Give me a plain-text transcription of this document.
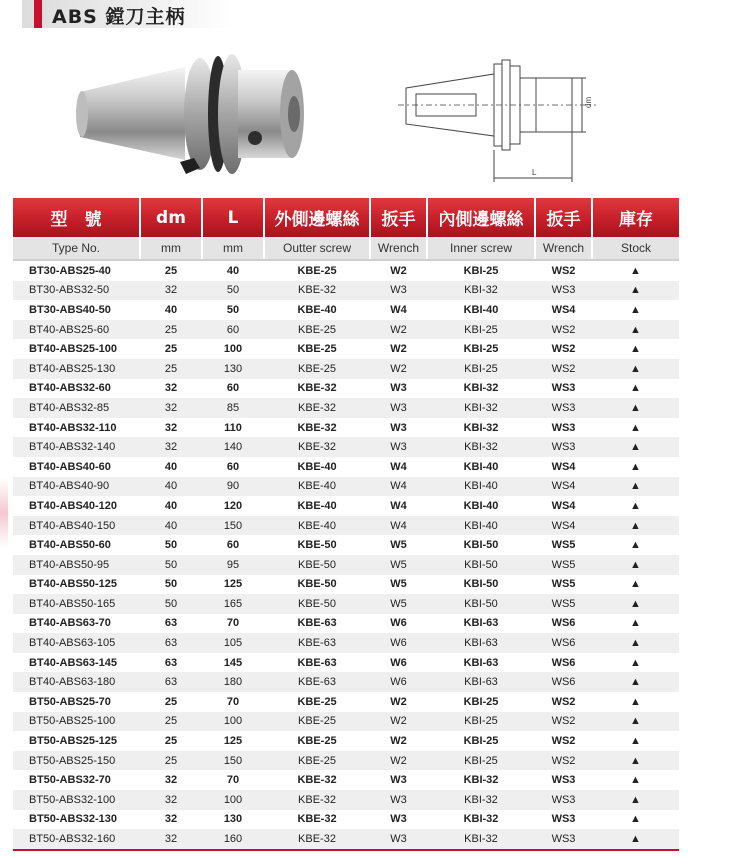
ABS 鏜刀主柄
dm
L
型　號	dm	L	外側邊螺絲	扳手	內側邊螺絲	扳手	庫存
Type No.	mm	mm	Outter screw	Wrench	Inner screw	Wrench	Stock
BT30-ABS25-40	25	40	KBE-25	W2	KBI-25	WS2	▲
BT30-ABS32-50	32	50	KBE-32	W3	KBI-32	WS3	▲
BT30-ABS40-50	40	50	KBE-40	W4	KBI-40	WS4	▲
BT40-ABS25-60	25	60	KBE-25	W2	KBI-25	WS2	▲
BT40-ABS25-100	25	100	KBE-25	W2	KBI-25	WS2	▲
BT40-ABS25-130	25	130	KBE-25	W2	KBI-25	WS2	▲
BT40-ABS32-60	32	60	KBE-32	W3	KBI-32	WS3	▲
BT40-ABS32-85	32	85	KBE-32	W3	KBI-32	WS3	▲
BT40-ABS32-110	32	110	KBE-32	W3	KBI-32	WS3	▲
BT40-ABS32-140	32	140	KBE-32	W3	KBI-32	WS3	▲
BT40-ABS40-60	40	60	KBE-40	W4	KBI-40	WS4	▲
BT40-ABS40-90	40	90	KBE-40	W4	KBI-40	WS4	▲
BT40-ABS40-120	40	120	KBE-40	W4	KBI-40	WS4	▲
BT40-ABS40-150	40	150	KBE-40	W4	KBI-40	WS4	▲
BT40-ABS50-60	50	60	KBE-50	W5	KBI-50	WS5	▲
BT40-ABS50-95	50	95	KBE-50	W5	KBI-50	WS5	▲
BT40-ABS50-125	50	125	KBE-50	W5	KBI-50	WS5	▲
BT40-ABS50-165	50	165	KBE-50	W5	KBI-50	WS5	▲
BT40-ABS63-70	63	70	KBE-63	W6	KBI-63	WS6	▲
BT40-ABS63-105	63	105	KBE-63	W6	KBI-63	WS6	▲
BT40-ABS63-145	63	145	KBE-63	W6	KBI-63	WS6	▲
BT40-ABS63-180	63	180	KBE-63	W6	KBI-63	WS6	▲
BT50-ABS25-70	25	70	KBE-25	W2	KBI-25	WS2	▲
BT50-ABS25-100	25	100	KBE-25	W2	KBI-25	WS2	▲
BT50-ABS25-125	25	125	KBE-25	W2	KBI-25	WS2	▲
BT50-ABS25-150	25	150	KBE-25	W2	KBI-25	WS2	▲
BT50-ABS32-70	32	70	KBE-32	W3	KBI-32	WS3	▲
BT50-ABS32-100	32	100	KBE-32	W3	KBI-32	WS3	▲
BT50-ABS32-130	32	130	KBE-32	W3	KBI-32	WS3	▲
BT50-ABS32-160	32	160	KBE-32	W3	KBI-32	WS3	▲
